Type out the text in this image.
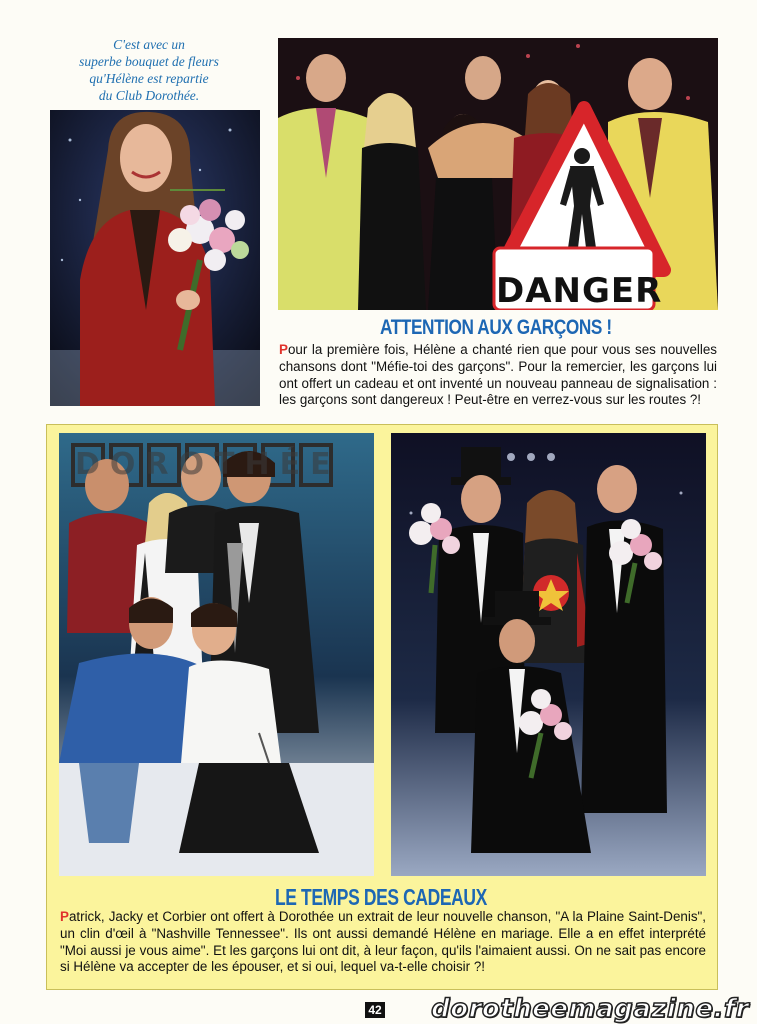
C'est avec un
superbe bouquet de fleurs
qu'Hélène est repartie
du Club Dorothée.
DANGER
ATTENTION AUX GARÇONS !
Pour la première fois, Hélène a chanté rien que pour vous ses nouvelles chansons dont "Méfie-toi des garçons". Pour la remercier, les garçons lui ont offert un cadeau et ont inventé un nouveau panneau de signalisation : les garçons sont dangereux ! Peut-être en verrez-vous sur les routes ?!
DOROTHÉE
LE TEMPS DES CADEAUX
Patrick, Jacky et Corbier ont offert à Dorothée un extrait de leur nouvelle chanson, "A la Plaine Saint-Denis", un clin d'œil à "Nashville Tennessee". Ils ont aussi demandé Hélène en mariage. Elle a en effet interprété "Moi aussi je vous aime". Et les garçons lui ont dit, à leur façon, qu'ils l'aimaient aussi. On ne sait pas encore si Hélène va accepter de les épouser, et si oui, lequel va-t-elle choisir ?!
42 dorotheemagazine.fr
